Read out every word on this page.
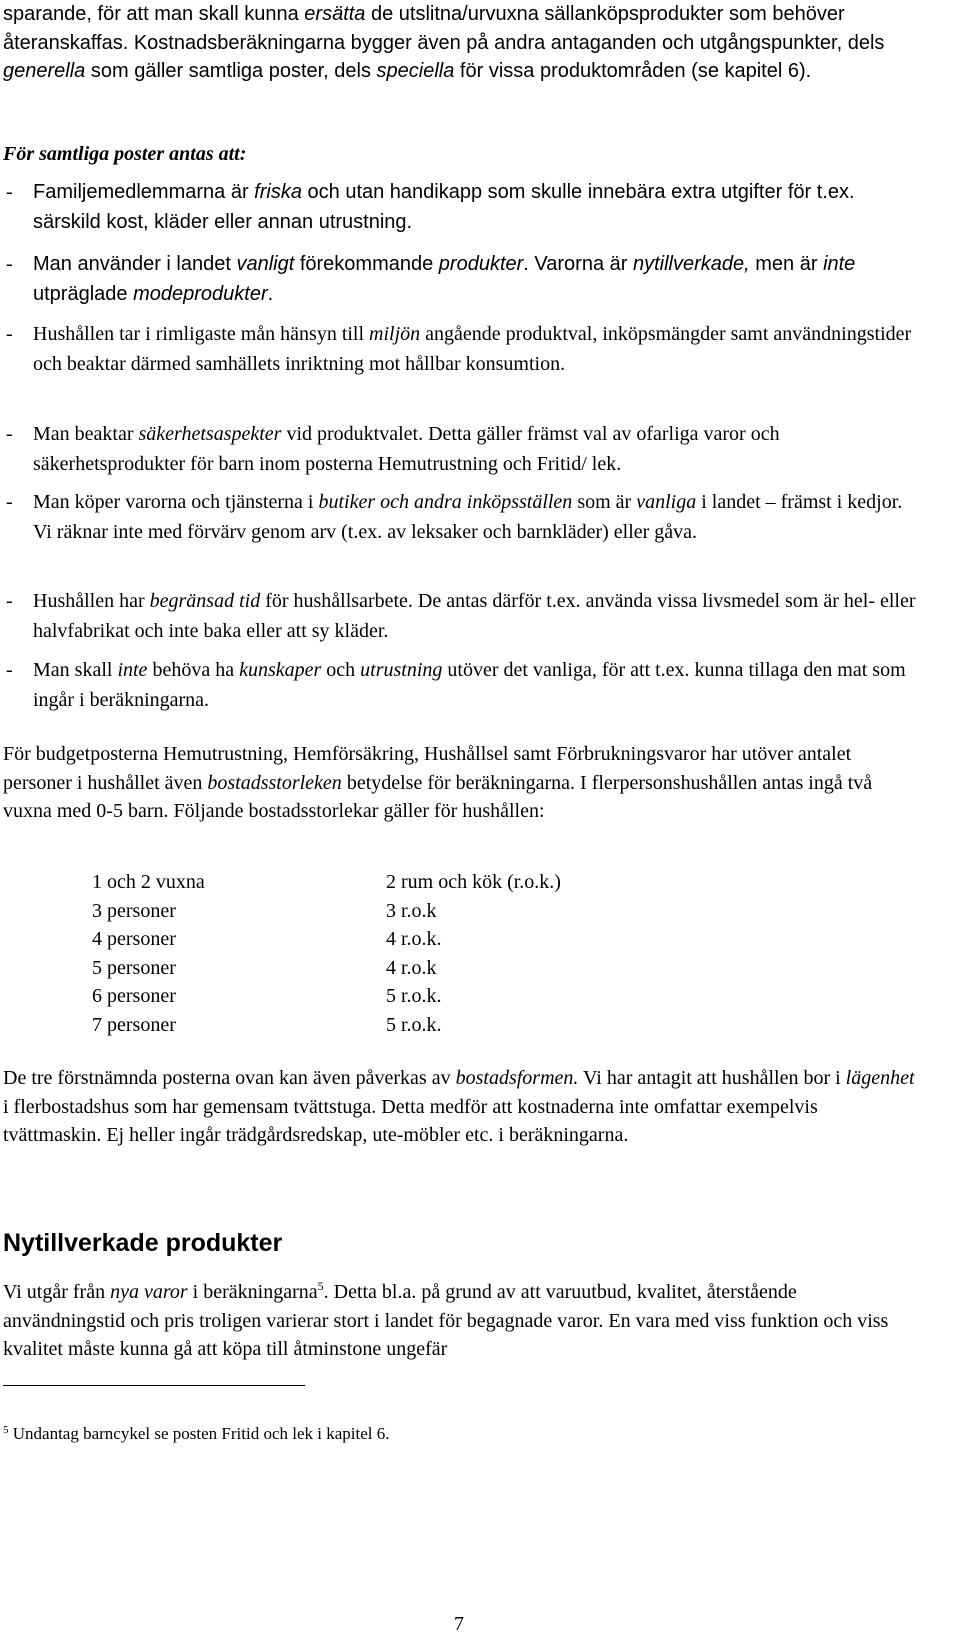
sparande, för att man skall kunna ersätta de utslitna/urvuxna sällanköpsprodukter som behöver återanskaffas. Kostnadsberäkningarna bygger även på andra antaganden och utgångspunkter, dels generella som gäller samtliga poster, dels speciella för vissa produktområden (se kapitel 6).

För samtliga poster antas att:

- Familjemedlemmarna är friska och utan handikapp som skulle innebära extra utgifter för t.ex. särskild kost, kläder eller annan utrustning.
- Man använder i landet vanligt förekommande produkter. Varorna är nytillverkade, men är inte utpräglade modeprodukter.
- Hushållen tar i rimligaste mån hänsyn till miljön angående produktval, inköpsmängder samt användningstider och beaktar därmed samhällets inriktning mot hållbar konsumtion.
- Man beaktar säkerhetsaspekter vid produktvalet. Detta gäller främst val av ofarliga varor och säkerhetsprodukter för barn inom posterna Hemutrustning och Fritid/ lek.
- Man köper varorna och tjänsterna i butiker och andra inköpsställen som är vanliga i landet – främst i kedjor. Vi räknar inte med förvärv genom arv (t.ex. av leksaker och barnkläder) eller gåva.
- Hushållen har begränsad tid för hushållsarbete. De antas därför t.ex. använda vissa livsmedel som är hel- eller halvfabrikat och inte baka eller att sy kläder.
- Man skall inte behöva ha kunskaper och utrustning utöver det vanliga, för att t.ex. kunna tillaga den mat som ingår i beräkningarna.

För budgetposterna Hemutrustning, Hemförsäkring, Hushållsel samt Förbrukningsvaror har utöver antalet personer i hushållet även bostadsstorleken betydelse för beräkningarna. I flerpersonshushållen antas ingå två vuxna med 0-5 barn. Följande bostadsstorlekar gäller för hushållen:

1 och 2 vuxna	2 rum och kök (r.o.k.)
3 personer	3 r.o.k
4 personer	4 r.o.k.
5 personer	4 r.o.k
6 personer	5 r.o.k.
7 personer	5 r.o.k.

De tre förstnämnda posterna ovan kan även påverkas av bostadsformen. Vi har antagit att hushållen bor i lägenhet i flerbostadshus som har gemensam tvättstuga. Detta medför att kostnaderna inte omfattar exempelvis tvättmaskin. Ej heller ingår trädgårdsredskap, ute-möbler etc. i beräkningarna.

Nytillverkade produkter

Vi utgår från nya varor i beräkningarna$^5$. Detta bl.a. på grund av att varuutbud, kvalitet, återstående användningstid och pris troligen varierar stort i landet för begagnade varor. En vara med viss funktion och viss kvalitet måste kunna gå att köpa till åtminstone ungefär

$^5$ Undantag barncykel se posten Fritid och lek i kapitel 6.

7
